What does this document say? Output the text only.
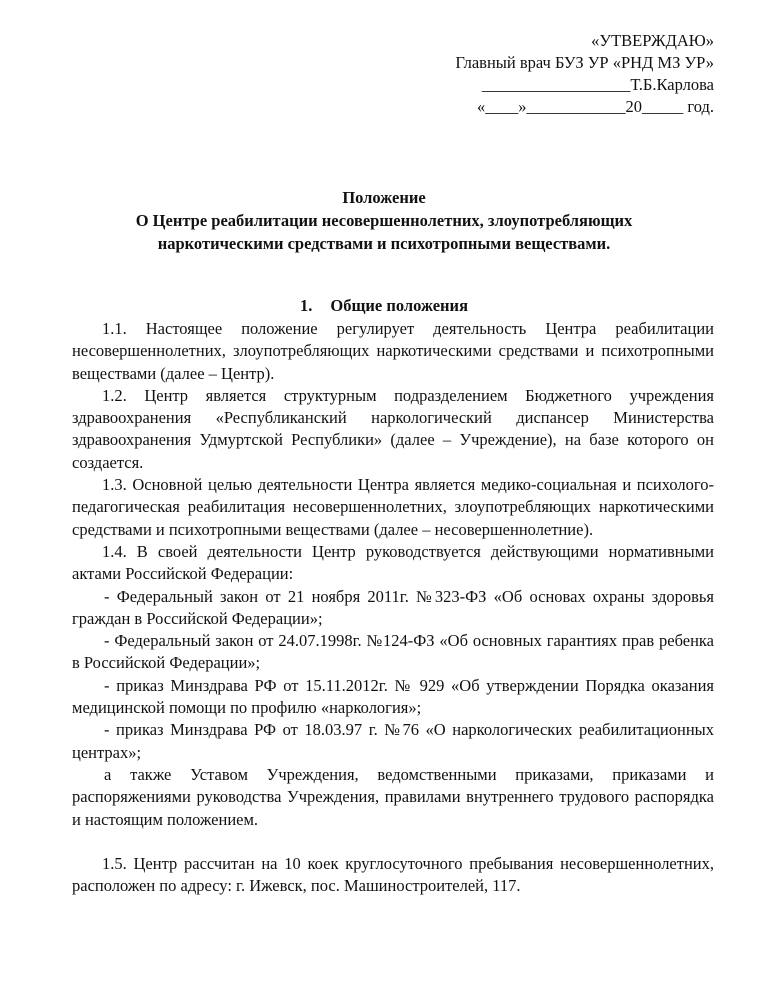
«УТВЕРЖДАЮ»
Главный врач БУЗ УР «РНД МЗ УР»
__________________Т.Б.Карлова
«____»____________20_____ год.
Положение
О Центре реабилитации несовершеннолетних, злоупотребляющих
наркотическими средствами и психотропными веществами.
1. Общие положения

1.1. Настоящее положение регулирует деятельность Центра реабилитации несовершеннолетних, злоупотребляющих наркотическими средствами и психотропными веществами (далее – Центр).

1.2. Центр является структурным подразделением Бюджетного учреждения здравоохранения «Республиканский наркологический диспансер Министерства здравоохранения Удмуртской Республики» (далее – Учреждение), на базе которого он создается.

1.3. Основной целью деятельности Центра является медико-социальная и психолого-педагогическая реабилитация несовершеннолетних, злоупотребляющих наркотическими средствами и психотропными веществами (далее – несовершеннолетние).

1.4. В своей деятельности Центр руководствуется действующими нормативными актами Российской Федерации:

- Федеральный закон от 21 ноября 2011г. №323-ФЗ «Об основах охраны здоровья граждан в Российской Федерации»;

- Федеральный закон от 24.07.1998г. №124-ФЗ «Об основных гарантиях прав ребенка в Российской Федерации»;

- приказ Минздрава РФ от 15.11.2012г. № 929 «Об утверждении Порядка оказания медицинской помощи по профилю «наркология»;

- приказ Минздрава РФ от 18.03.97 г. №76 «О наркологических реабилитационных центрах»;

а также Уставом Учреждения, ведомственными приказами, приказами и распоряжениями руководства Учреждения, правилами внутреннего трудового распорядка и настоящим положением.

1.5. Центр рассчитан на 10 коек круглосуточного пребывания несовершеннолетних, расположен по адресу: г. Ижевск, пос. Машиностроителей, 117.
